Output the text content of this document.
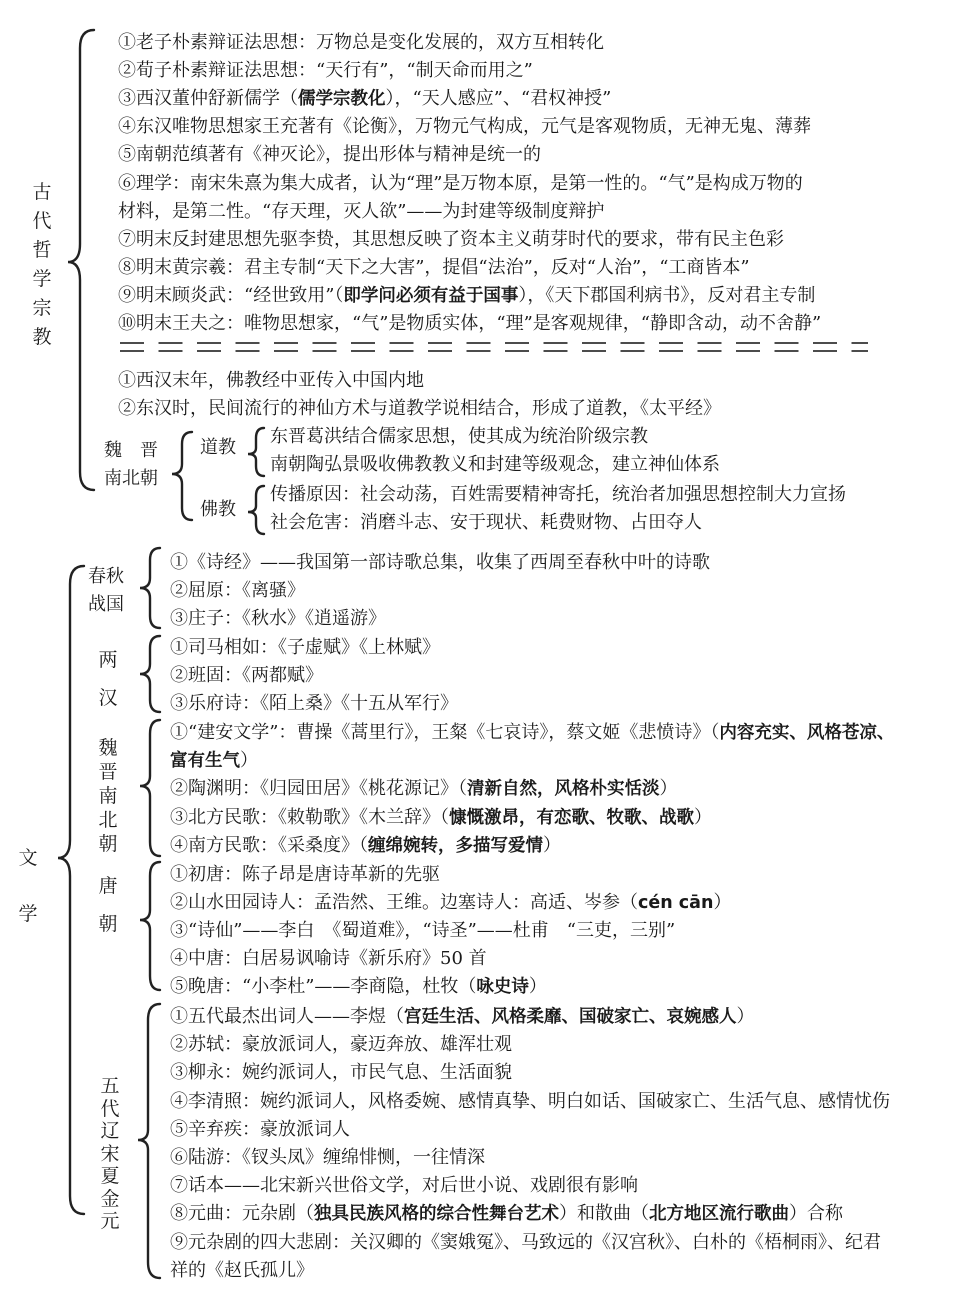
古
代
哲
学
宗
教
①老子朴素辩证法思想：万物总是变化发展的，双方互相转化
②荀子朴素辩证法思想：“天行有”，“制天命而用之”
③西汉董仲舒新儒学（儒学宗教化），“天人感应”、“君权神授”
④东汉唯物思想家王充著有《论衡》，万物元气构成，元气是客观物质，无神无鬼、薄葬
⑤南朝范缜著有《神灭论》，提出形体与精神是统一的
⑥理学：南宋朱熹为集大成者，认为“理”是万物本原，是第一性的。“气”是构成万物的
材料，是第二性。“存天理，灭人欲”——为封建等级制度辩护
⑦明末反封建思想先驱李贽，其思想反映了资本主义萌芽时代的要求，带有民主色彩
⑧明末黄宗羲：君主专制“天下之大害”，提倡“法治”，反对“人治”，“工商皆本”
⑨明末顾炎武：“经世致用”（即学问必须有益于国事），《天下郡国利病书》，反对君主专制
⑩明末王夫之：唯物思想家，“气”是物质实体，“理”是客观规律，“静即含动，动不舍静”
①西汉末年，佛教经中亚传入中国内地
②东汉时，民间流行的神仙方术与道教学说相结合，形成了道教，《太平经》
魏　晋
南北朝
道教
东晋葛洪结合儒家思想，使其成为统治阶级宗教
南朝陶弘景吸收佛教教义和封建等级观念，建立神仙体系
佛教
传播原因：社会动荡，百姓需要精神寄托，统治者加强思想控制大力宣扬
社会危害：消磨斗志、安于现状、耗费财物、占田夺人
文
学
①《诗经》——我国第一部诗歌总集，收集了西周至春秋中叶的诗歌
②屈原：《离骚》
③庄子：《秋水》《逍遥游》
①司马相如：《子虚赋》《上林赋》
②班固：《两都赋》
③乐府诗：《陌上桑》《十五从军行》
①“建安文学”：曹操《蒿里行》，王粲《七哀诗》，蔡文姬《悲愤诗》（内容充实、风格苍凉、
富有生气）
②陶渊明：《归园田居》《桃花源记》（清新自然，风格朴实恬淡）
③北方民歌：《敕勒歌》《木兰辞》（慷慨激昂，有恋歌、牧歌、战歌）
④南方民歌：《采桑度》（缠绵婉转，多描写爱情）
①初唐：陈子昂是唐诗革新的先驱
②山水田园诗人：孟浩然、王维。边塞诗人：高适、岑参（cén cān）
③“诗仙”——李白　《蜀道难》，“诗圣”——杜甫　“三吏，三别”
④中唐：白居易讽喻诗《新乐府》50 首
⑤晚唐：“小李杜”——李商隐，杜牧（咏史诗）
①五代最杰出词人——李煜（宫廷生活、风格柔靡、国破家亡、哀婉感人）
②苏轼：豪放派词人，豪迈奔放、雄浑壮观
③柳永：婉约派词人，市民气息、生活面貌
④李清照：婉约派词人，风格委婉、感情真挚、明白如话、国破家亡、生活气息、感情忧伤
⑤辛弃疾：豪放派词人
⑥陆游：《钗头凤》缠绵悱恻，一往情深
⑦话本——北宋新兴世俗文学，对后世小说、戏剧很有影响
⑧元曲：元杂剧（独具民族风格的综合性舞台艺术）和散曲（北方地区流行歌曲）合称
⑨元杂剧的四大悲剧：关汉卿的《窦娥冤》、马致远的《汉宫秋》、白朴的《梧桐雨》、纪君
祥的《赵氏孤儿》
春秋
战国
两
汉
魏
晋
南
北
朝
唐
朝
五
代
辽
宋
夏
金
元
